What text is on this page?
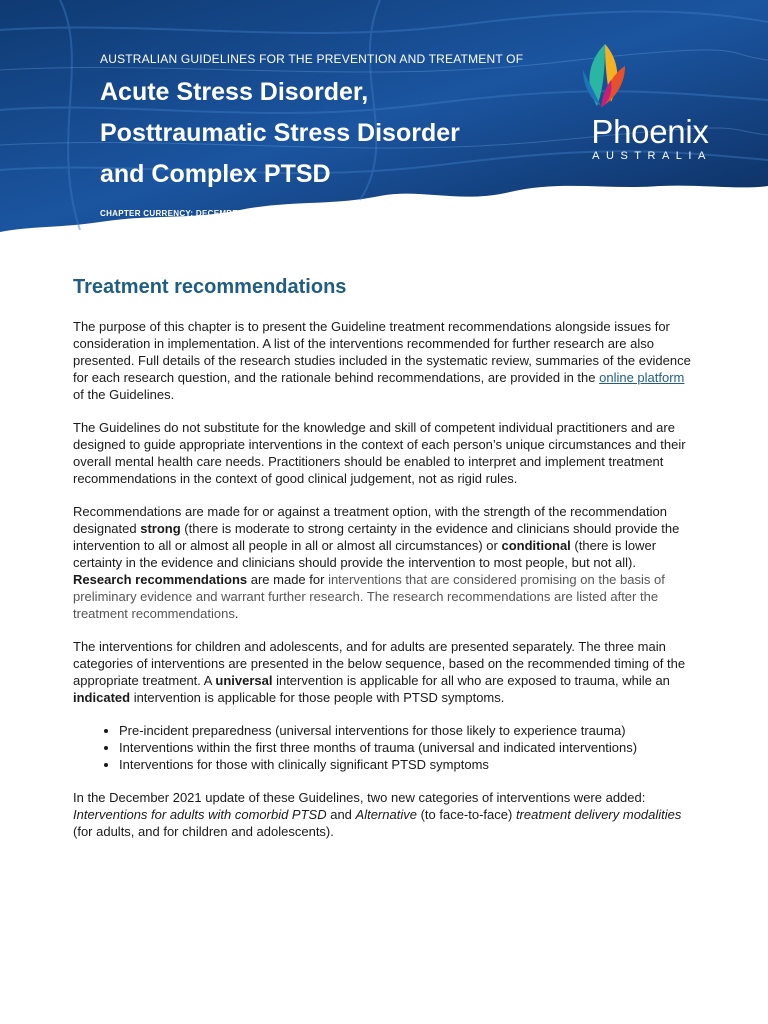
AUSTRALIAN GUIDELINES FOR THE PREVENTION AND TREATMENT OF
Acute Stress Disorder,
Posttraumatic Stress Disorder
and Complex PTSD
CHAPTER CURRENCY: DECEMBER 2021
Phoenix
AUSTRALIA
Treatment recommendations

The purpose of this chapter is to present the Guideline treatment recommendations alongside issues for consideration in implementation. A list of the interventions recommended for further research are also presented. Full details of the research studies included in the systematic review, summaries of the evidence for each research question, and the rationale behind recommendations, are provided in the online platform of the Guidelines.

The Guidelines do not substitute for the knowledge and skill of competent individual practitioners and are designed to guide appropriate interventions in the context of each person’s unique circumstances and their overall mental health care needs. Practitioners should be enabled to interpret and implement treatment recommendations in the context of good clinical judgement, not as rigid rules.

Recommendations are made for or against a treatment option, with the strength of the recommendation designated strong (there is moderate to strong certainty in the evidence and clinicians should provide the intervention to all or almost all people in all or almost all circumstances) or conditional (there is lower certainty in the evidence and clinicians should provide the intervention to most people, but not all). Research recommendations are made for interventions that are considered promising on the basis of preliminary evidence and warrant further research. The research recommendations are listed after the treatment recommendations.

The interventions for children and adolescents, and for adults are presented separately. The three main categories of interventions are presented in the below sequence, based on the recommended timing of the appropriate treatment. A universal intervention is applicable for all who are exposed to trauma, while an indicated intervention is applicable for those people with PTSD symptoms.

• Pre-incident preparedness (universal interventions for those likely to experience trauma)
• Interventions within the first three months of trauma (universal and indicated interventions)
• Interventions for those with clinically significant PTSD symptoms

In the December 2021 update of these Guidelines, two new categories of interventions were added: Interventions for adults with comorbid PTSD and Alternative (to face-to-face) treatment delivery modalities (for adults, and for children and adolescents).
